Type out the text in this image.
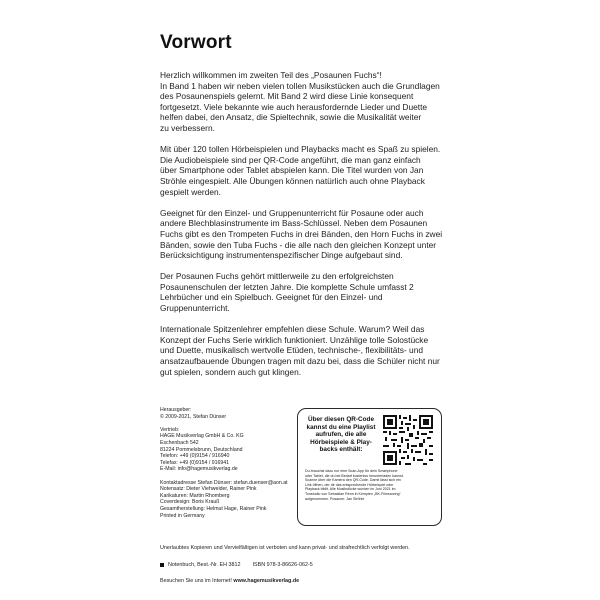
Vorwort

Herzlich willkommen im zweiten Teil des „Posaunen Fuchs“!
In Band 1 haben wir neben vielen tollen Musikstücken auch die Grundlagen
des Posaunenspiels gelernt. Mit Band 2 wird diese Linie konsequent
fortgesetzt. Viele bekannte wie auch herausfordernde Lieder und Duette
helfen dabei, den Ansatz, die Spieltechnik, sowie die Musikalität weiter
zu verbessern.

Mit über 120 tollen Hörbeispielen und Playbacks macht es Spaß zu spielen.
Die Audiobeispiele sind per QR-Code angeführt, die man ganz einfach
über Smartphone oder Tablet abspielen kann. Die Titel wurden von Jan
Ströhle eingespielt. Alle Übungen können natürlich auch ohne Playback
gespielt werden.

Geeignet für den Einzel- und Gruppenunterricht für Posaune oder auch
andere Blechblasinstrumente im Bass-Schlüssel. Neben dem Posaunen
Fuchs gibt es den Trompeten Fuchs in drei Bänden, den Horn Fuchs in zwei
Bänden, sowie den Tuba Fuchs - die alle nach den gleichen Konzept unter
Berücksichtigung instrumentenspezifischer Dinge aufgebaut sind.

Der Posaunen Fuchs gehört mittlerweile zu den erfolgreichsten
Posaunenschulen der letzten Jahre. Die komplette Schule umfasst 2
Lehrbücher und ein Spielbuch. Geeignet für den Einzel- und Gruppenunterricht.

Internationale Spitzenlehrer empfehlen diese Schule. Warum? Weil das
Konzept der Fuchs Serie wirklich funktioniert. Unzählige tolle Solostücke
und Duette, musikalisch wertvolle Etüden, technische-, flexibilitäts- und
ansatzaufbauende Übungen tragen mit dazu bei, dass die Schüler nicht nur
gut spielen, sondern auch gut klingen.

Herausgeber:
© 2009-2021, Stefan Dünser
Vertrieb:
HAGE Musikverlag GmbH & Co. KG
Eschenbach 542
81224 Pommelsbrunn, Deutschland
Telefon: +49 (0)9154 / 916940
Telefax: +49 (0)9154 / 916941
E-Mail: info@hagemusikverlag.de
Kontaktadresse Stefan Dünser: stefan.duenser@aon.at
Notensatz: Dieter Viehweider, Rainer Pink
Karikaturen: Martin Rhomberg
Coverdesign: Boris Krauß
Gesamtherstellung: Helmut Hage, Rainer Pink
Printed in Germany
Über diesen QR-Code
kannst du eine Playlist
aufrufen, die alle
Hörbeispiele & Play-
backs enthält:
Du brauchst dazu nur eine Scan-App für dein Smartphone
oder Tablet, die du bei Bedarf kostenlos herunterladen kannst.
Scanne über die Kamera den QR-Code. Damit lässt sich ein
Link öffnen, der dir das entsprechende Hörbeispiel oder
Playback bildlt. Alle Musikstücke wurden im Juni 2021 im
Tonstudio von Sebastian Renn in Kempten „BK-Filmscoring“
aufgenommen. Posaune: Jan Ströhle
Unerlaubtes Kopieren und Vervielfältigen ist verboten und kann privat- und strafrechtlich verfolgt werden.
Notenbuch, Best.-Nr. EH 3812 ISBN 978-3-86626-062-5
Besuchen Sie uns im Internet! www.hagemusikverlag.de
